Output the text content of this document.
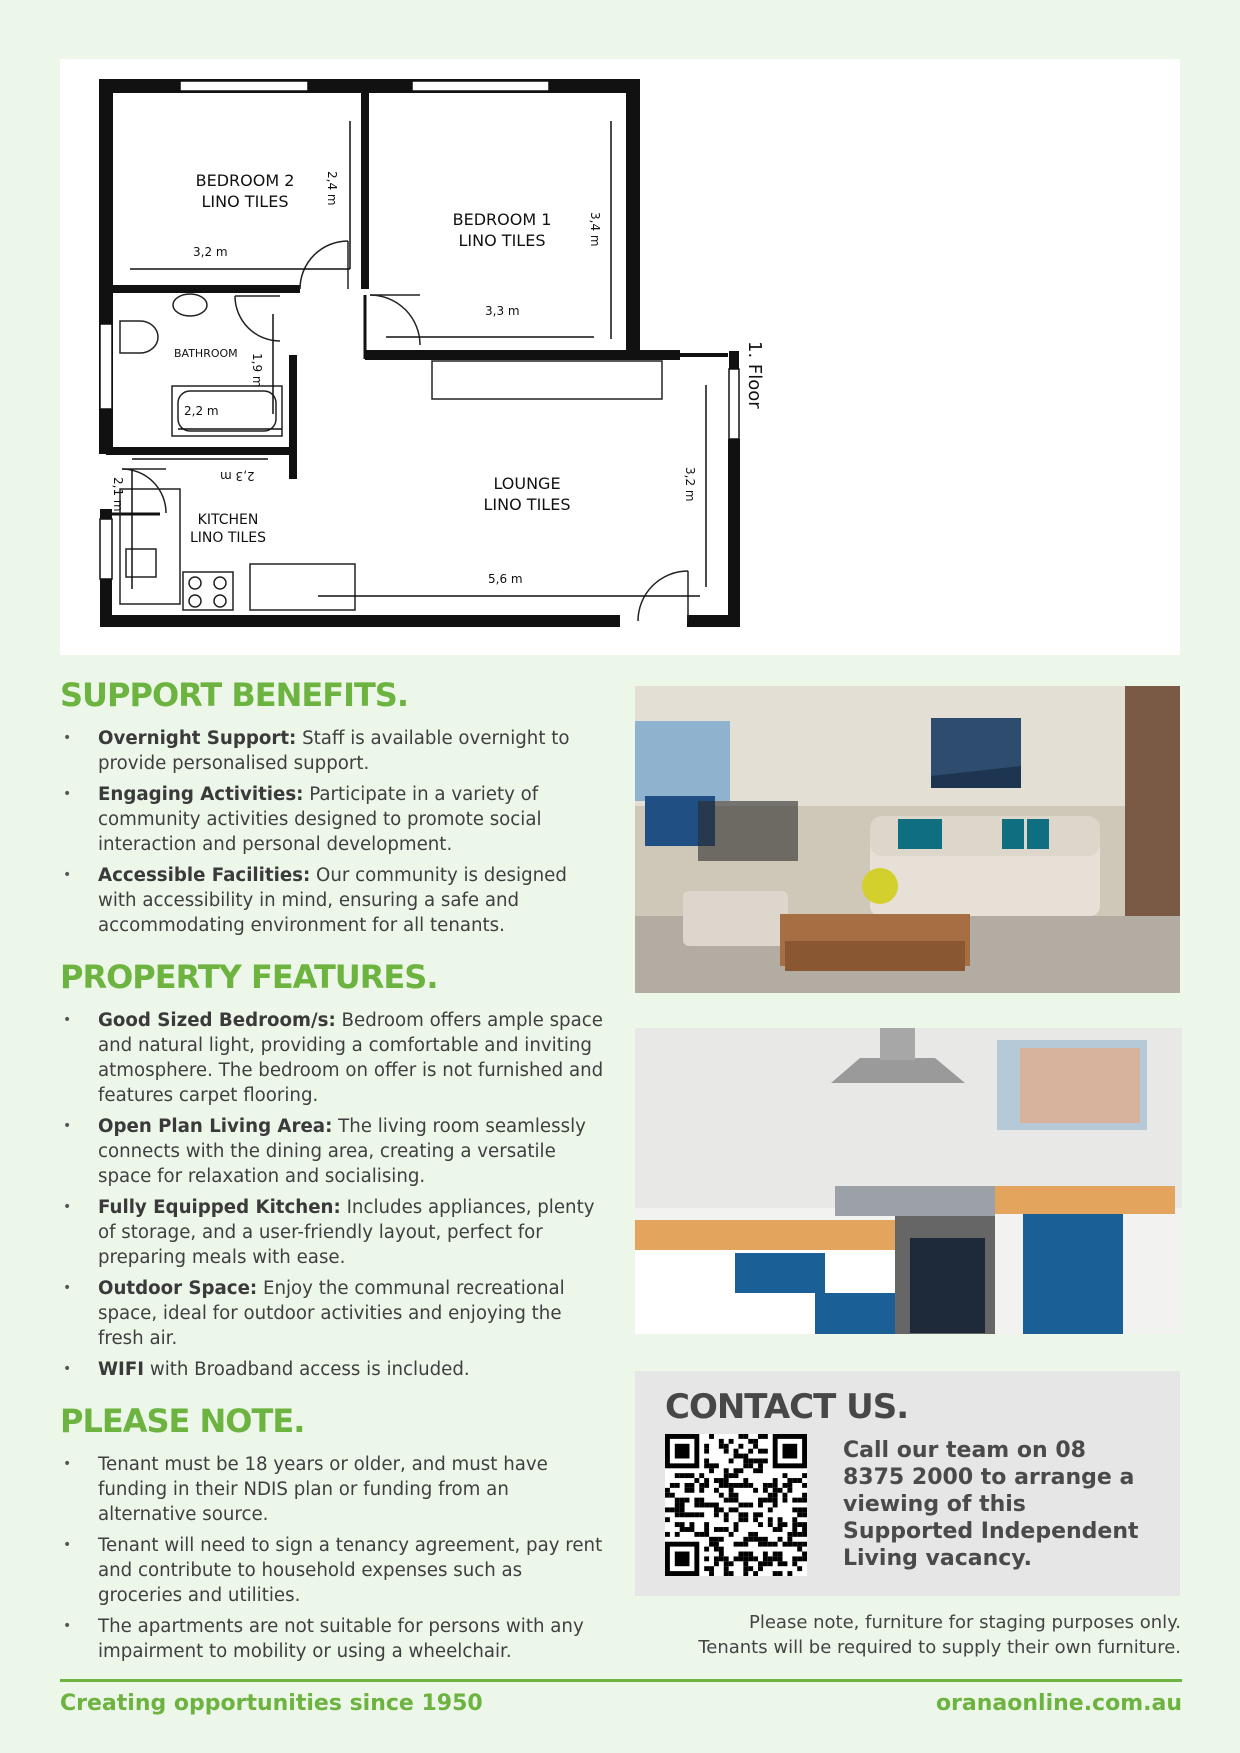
BEDROOM 2 LINO TILES
BEDROOM 1 LINO TILES
BATHROOM
LOUNGE LINO TILES
KITCHEN LINO TILES
1. Floor
3,2 m
2,4 m
3,4 m
3,3 m
1,9 m
2,2 m
2,3 m
2,1 m	3,2 m
5,6 m
SUPPORT BENEFITS.
• Overnight Support: Staff is available overnight to provide personalised support.
• Engaging Activities: Participate in a variety of community activities designed to promote social interaction and personal development.
• Accessible Facilities: Our community is designed with accessibility in mind, ensuring a safe and accommodating environment for all tenants.
PROPERTY FEATURES.
• Good Sized Bedroom/s: Bedroom offers ample space and natural light, providing a comfortable and inviting atmosphere. The bedroom on offer is not furnished and features carpet flooring.
• Open Plan Living Area: The living room seamlessly connects with the dining area, creating a versatile space for relaxation and socialising.
• Fully Equipped Kitchen: Includes appliances, plenty of storage, and a user-friendly layout, perfect for preparing meals with ease.
• Outdoor Space: Enjoy the communal recreational space, ideal for outdoor activities and enjoying the fresh air.
• WIFI with Broadband access is included.
PLEASE NOTE.
• Tenant must be 18 years or older, and must have funding in their NDIS plan or funding from an alternative source.
• Tenant will need to sign a tenancy agreement, pay rent and contribute to household expenses such as groceries and utilities.
• The apartments are not suitable for persons with any impairment to mobility or using a wheelchair.
CONTACT US.
Call our team on 08 8375 2000 to arrange a viewing of this Supported Independent Living vacancy.
Please note, furniture for staging purposes only.
Tenants will be required to supply their own furniture.
Creating opportunities since 1950	oranaonline.com.au
